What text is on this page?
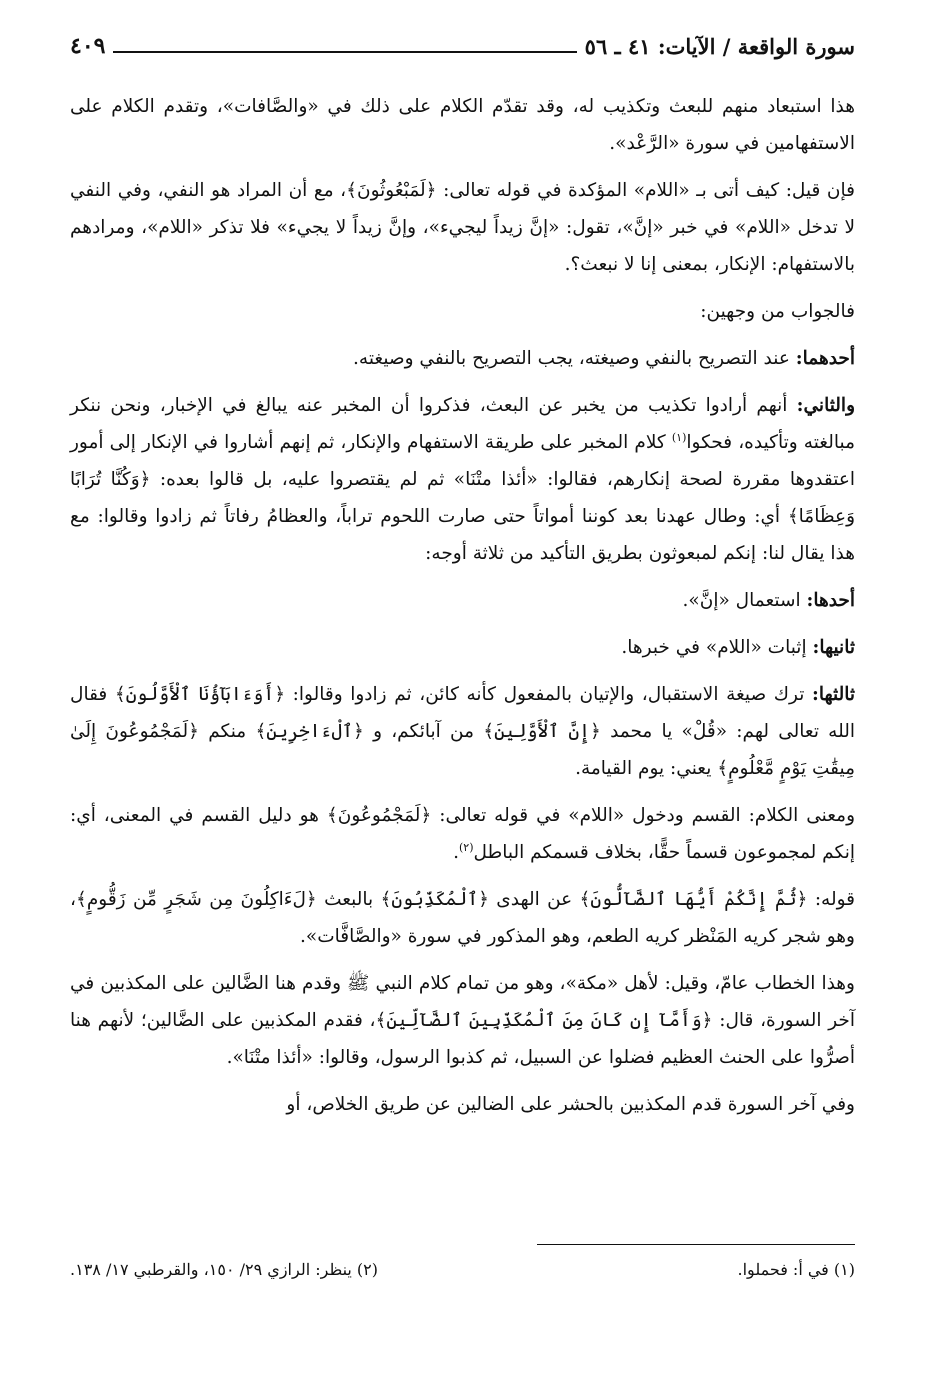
سورة الواقعة / الآيات: ٤١ ـ ٥٦
٤٠٩

هذا استبعاد منهم للبعث وتكذيب له، وقد تقدّم الكلام على ذلك في «والصَّافات»، وتقدم الكلام على الاستفهامين في سورة «الرَّعْد».

فإن قيل: كيف أتى بـ «اللام» المؤكدة في قوله تعالى: ﴿لَمَبْعُوثُونَ﴾، مع أن المراد هو النفي، وفي النفي لا تدخل «اللام» في خبر «إنَّ»، تقول: «إنَّ زيداً ليجيء»، وإنَّ زيداً لا يجيء» فلا تذكر «اللام»، ومرادهم بالاستفهام: الإنكار، بمعنى إنا لا نبعث؟.

فالجواب من وجهين:

أحدهما: عند التصريح بالنفي وصيغته، يجب التصريح بالنفي وصيغته.

والثاني: أنهم أرادوا تكذيب من يخبر عن البعث، فذكروا أن المخبر عنه يبالغ في الإخبار، ونحن ننكر مبالغته وتأكيده، فحكوا$^{(١)}$ كلام المخبر على طريقة الاستفهام والإنكار، ثم إنهم أشاروا في الإنكار إلى أمور اعتقدوها مقررة لصحة إنكارهم، فقالوا: «أئذا متْنَا» ثم لم يقتصروا عليه، بل قالوا بعده: ﴿وَكُنَّا تُرَابًا وَعِظَامًا﴾ أي: وطال عهدنا بعد كوننا أمواتاً حتى صارت اللحوم تراباً، والعظامُ رفاتاً ثم زادوا وقالوا: مع هذا يقال لنا: إنكم لمبعوثون بطريق التأكيد من ثلاثة أوجه:

أحدها: استعمال «إنَّ».

ثانيها: إثبات «اللام» في خبرها.

ثالثها: ترك صيغة الاستقبال، والإتيان بالمفعول كأنه كائن، ثم زادوا وقالوا: ﴿أَوَءَابَآؤُنَا ٱلْأَوَّلُونَ﴾ فقال الله تعالى لهم: «قُلْ» يا محمد ﴿إِنَّ ٱلْأَوَّلِينَ﴾ من آبائكم، و ﴿ٱلْءَاخِرِينَ﴾ منكم ﴿لَمَجْمُوعُونَ إِلَىٰ مِيقَٰتِ يَوْمٍ مَّعْلُومٍ﴾ يعني: يوم القيامة.

ومعنى الكلام: القسم ودخول «اللام» في قوله تعالى: ﴿لَمَجْمُوعُونَ﴾ هو دليل القسم في المعنى، أي: إنكم لمجموعون قسماً حقًّا، بخلاف قسمكم الباطل$^{(٢)}$.

قوله: ﴿ثُمَّ إِنَّكُمْ أَيُّهَا ٱلضَّآلُّونَ﴾ عن الهدى ﴿ٱلْمُكَذِّبُونَ﴾ بالبعث ﴿لَءَاكِلُونَ مِن شَجَرٍ مِّن زَقُّومٍ﴾، وهو شجر كريه المَنْظر كريه الطعم، وهو المذكور في سورة «والصَّافَّات».

وهذا الخطاب عامّ، وقيل: لأهل «مكة»، وهو من تمام كلام النبي ﷺ وقدم هنا الضَّالين على المكذبين في آخر السورة، قال: ﴿وَأَمَّآ إِن كَانَ مِنَ ٱلْمُكَذِّبِينَ ٱلضَّآلِّينَ﴾، فقدم المكذبين على الضَّالين؛ لأنهم هنا أصرُّوا على الحنث العظيم فضلوا عن السبيل، ثم كذبوا الرسول، وقالوا: «أئذا متْنَا».

وفي آخر السورة قدم المكذبين بالحشر على الضالين عن طريق الخلاص، أو

(١) في أ: فحملوا.
(٢) ينظر: الرازي ٢٩/ ١٥٠، والقرطبي ١٧/ ١٣٨.
